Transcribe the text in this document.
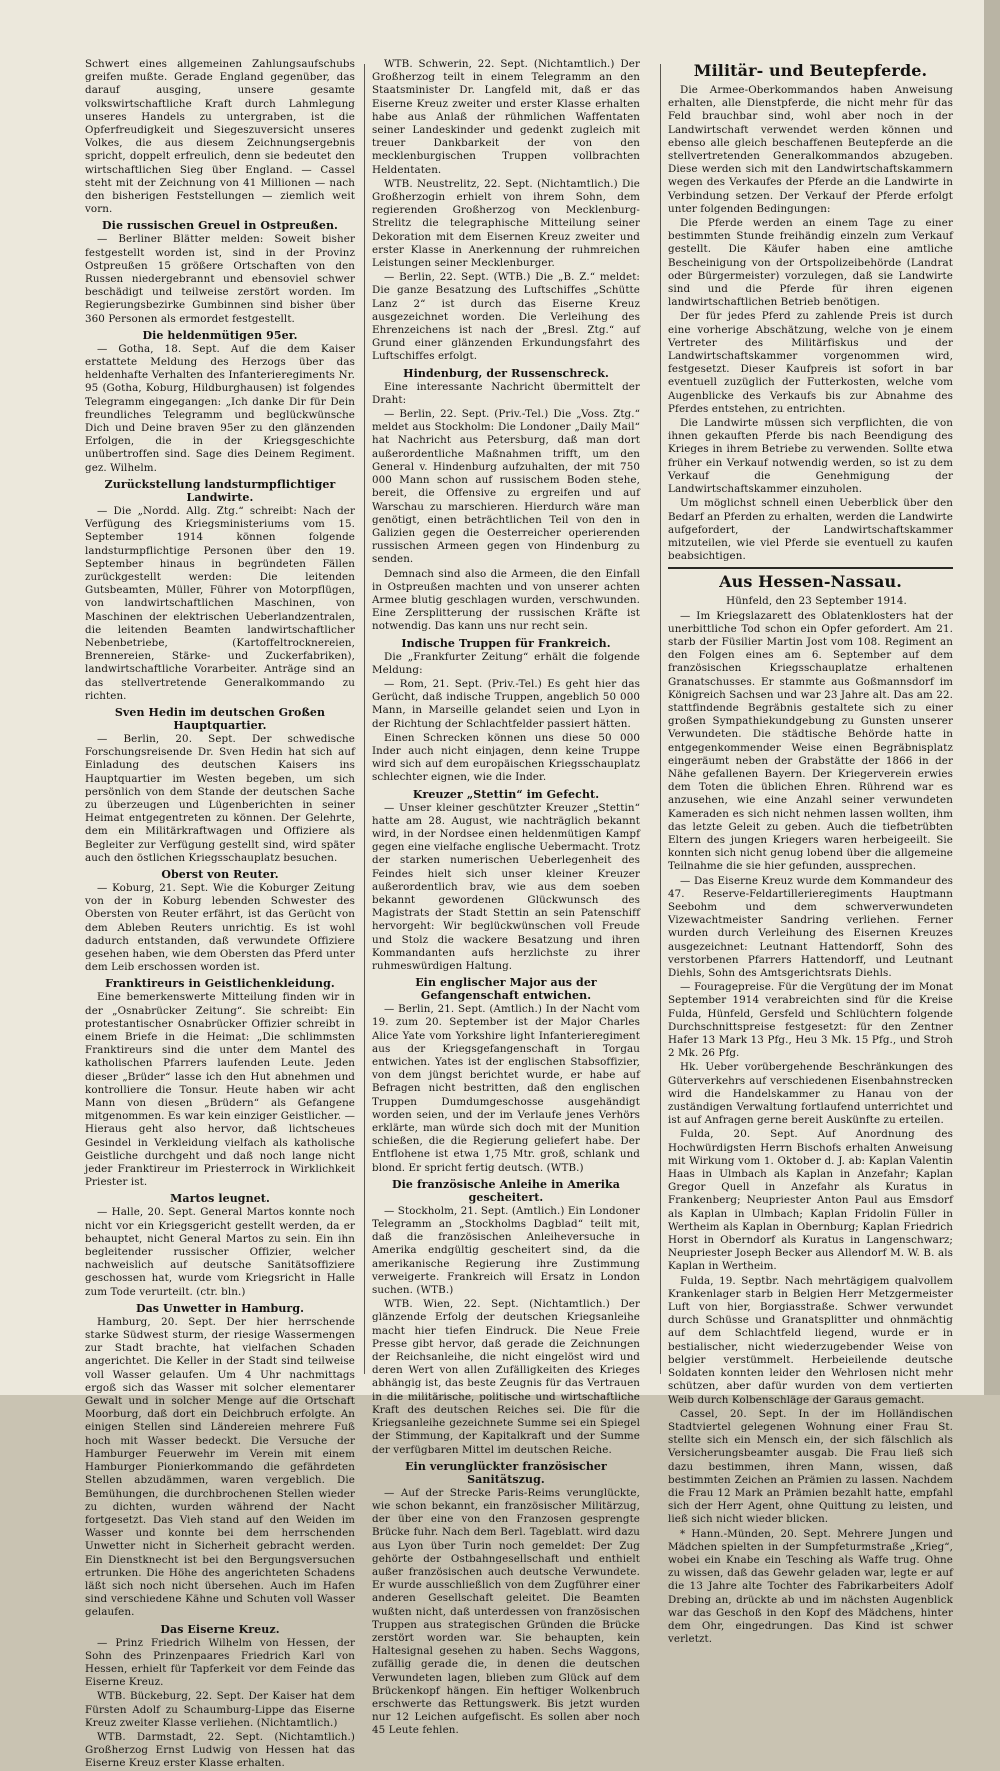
Schwert eines allgemeinen Zahlungsaufschubs greifen mußte. Gerade England gegenüber, das darauf ausging, unsere gesamte volkswirtschaftliche Kraft durch Lahmlegung unseres Handels zu untergraben, ist die Opferfreudigkeit und Siegeszuversicht unseres Volkes, die aus diesem Zeichnungsergebnis spricht, doppelt erfreulich, denn sie bedeutet den wirtschaftlichen Sieg über England. — Cassel steht mit der Zeichnung von 41 Millionen — nach den bisherigen Feststellungen — ziemlich weit vorn.

Die russischen Greuel in Ostpreußen.

— Berliner Blätter melden: Soweit bisher festgestellt worden ist, sind in der Provinz Ostpreußen 15 größere Ortschaften von den Russen niedergebrannt und ebensoviel schwer beschädigt und teilweise zerstört worden. Im Regierungsbezirke Gumbinnen sind bisher über 360 Personen als ermordet festgestellt.

Die heldenmütigen 95er.

— Gotha, 18. Sept. Auf die dem Kaiser erstattete Meldung des Herzogs über das heldenhafte Verhalten des Infanterieregiments Nr. 95 (Gotha, Koburg, Hildburghausen) ist folgendes Telegramm eingegangen: „Ich danke Dir für Dein freundliches Telegramm und beglückwünsche Dich und Deine braven 95er zu den glänzenden Erfolgen, die in der Kriegsgeschichte unübertroffen sind. Sage dies Deinem Regiment. gez. Wilhelm.

Zurückstellung landsturmpflichtiger Landwirte.

— Die „Nordd. Allg. Ztg.“ schreibt: Nach der Verfügung des Kriegsministeriums vom 15. September 1914 können folgende landsturmpflichtige Personen über den 19. September hinaus in begründeten Fällen zurückgestellt werden: Die leitenden Gutsbeamten, Müller, Führer von Motorpflügen, von landwirtschaftlichen Maschinen, von Maschinen der elektrischen Ueberlandzentralen, die leitenden Beamten landwirtschaftlicher Nebenbetriebe, (Kartoffeltrocknereien, Brennereien, Stärke- und Zuckerfabriken), landwirtschaftliche Vorarbeiter. Anträge sind an das stellvertretende Generalkommando zu richten.

Sven Hedin im deutschen Großen Hauptquartier.

— Berlin, 20. Sept. Der schwedische Forschungsreisende Dr. Sven Hedin hat sich auf Einladung des deutschen Kaisers ins Hauptquartier im Westen begeben, um sich persönlich von dem Stande der deutschen Sache zu überzeugen und Lügenberichten in seiner Heimat entgegentreten zu können. Der Gelehrte, dem ein Militärkraftwagen und Offiziere als Begleiter zur Verfügung gestellt sind, wird später auch den östlichen Kriegsschauplatz besuchen.

Oberst von Reuter.

— Koburg, 21. Sept. Wie die Koburger Zeitung von der in Koburg lebenden Schwester des Obersten von Reuter erfährt, ist das Gerücht von dem Ableben Reuters unrichtig. Es ist wohl dadurch entstanden, daß verwundete Offiziere gesehen haben, wie dem Obersten das Pferd unter dem Leib erschossen worden ist.

Franktireurs in Geistlichenkleidung.

Eine bemerkenswerte Mitteilung finden wir in der „Osnabrücker Zeitung“. Sie schreibt: Ein protestantischer Osnabrücker Offizier schreibt in einem Briefe in die Heimat: „Die schlimmsten Franktireurs sind die unter dem Mantel des katholischen Pfarrers laufenden Leute. Jeden dieser „Brüder“ lasse ich den Hut abnehmen und kontrolliere die Tonsur. Heute haben wir acht Mann von diesen „Brüdern“ als Gefangene mitgenommen. Es war kein einziger Geistlicher. — Hieraus geht also hervor, daß lichtscheues Gesindel in Verkleidung vielfach als katholische Geistliche durchgeht und daß noch lange nicht jeder Franktireur im Priesterrock in Wirklichkeit Priester ist.

Martos leugnet.

— Halle, 20. Sept. General Martos konnte noch nicht vor ein Kriegsgericht gestellt werden, da er behauptet, nicht General Martos zu sein. Ein ihn begleitender russischer Offizier, welcher nachweislich auf deutsche Sanitätsoffiziere geschossen hat, wurde vom Kriegsricht in Halle zum Tode verurteilt. (ctr. bln.)

Das Unwetter in Hamburg.

Hamburg, 20. Sept. Der hier herrschende starke Südwest sturm, der riesige Wassermengen zur Stadt brachte, hat vielfachen Schaden angerichtet. Die Keller in der Stadt sind teilweise voll Wasser gelaufen. Um 4 Uhr nachmittags ergoß sich das Wasser mit solcher elementarer Gewalt und in solcher Menge auf die Ortschaft Moorburg, daß dort ein Deichbruch erfolgte. An einigen Stellen sind Ländereien mehrere Fuß hoch mit Wasser bedeckt. Die Versuche der Hamburger Feuerwehr im Verein mit einem Hamburger Pionierkommando die gefährdeten Stellen abzudämmen, waren vergeblich. Die Bemühungen, die durchbrochenen Stellen wieder zu dichten, wurden während der Nacht fortgesetzt. Das Vieh stand auf den Weiden im Wasser und konnte bei dem herrschenden Unwetter nicht in Sicherheit gebracht werden. Ein Dienstknecht ist bei den Bergungsversuchen ertrunken. Die Höhe des angerichteten Schadens läßt sich noch nicht übersehen. Auch im Hafen sind verschiedene Kähne und Schuten voll Wasser gelaufen.

Das Eiserne Kreuz.

— Prinz Friedrich Wilhelm von Hessen, der Sohn des Prinzenpaares Friedrich Karl von Hessen, erhielt für Tapferkeit vor dem Feinde das Eiserne Kreuz.

WTB. Bückeburg, 22. Sept. Der Kaiser hat dem Fürsten Adolf zu Schaumburg-Lippe das Eiserne Kreuz zweiter Klasse verliehen. (Nichtamtlich.)

WTB. Darmstadt, 22. Sept. (Nichtamtlich.) Großherzog Ernst Ludwig von Hessen hat das Eiserne Kreuz erster Klasse erhalten.

WTB. Schwerin, 22. Sept. (Nichtamtlich.) Der Großherzog teilt in einem Telegramm an den Staatsminister Dr. Langfeld mit, daß er das Eiserne Kreuz zweiter und erster Klasse erhalten habe aus Anlaß der rühmlichen Waffentaten seiner Landeskinder und gedenkt zugleich mit treuer Dankbarkeit der von den mecklenburgischen Truppen vollbrachten Heldentaten.

WTB. Neustrelitz, 22. Sept. (Nichtamtlich.) Die Großherzogin erhielt von ihrem Sohn, dem regierenden Großherzog von Mecklenburg-Strelitz die telegraphische Mitteilung seiner Dekoration mit dem Eisernen Kreuz zweiter und erster Klasse in Anerkennung der ruhmreichen Leistungen seiner Mecklenburger.

— Berlin, 22. Sept. (WTB.) Die „B. Z.“ meldet: Die ganze Besatzung des Luftschiffes „Schütte Lanz 2“ ist durch das Eiserne Kreuz ausgezeichnet worden. Die Verleihung des Ehrenzeichens ist nach der „Bresl. Ztg.“ auf Grund einer glänzenden Erkundungsfahrt des Luftschiffes erfolgt.

Hindenburg, der Russenschreck.

Eine interessante Nachricht übermittelt der Draht:

— Berlin, 22. Sept. (Priv.-Tel.) Die „Voss. Ztg.“ meldet aus Stockholm: Die Londoner „Daily Mail“ hat Nachricht aus Petersburg, daß man dort außerordentliche Maßnahmen trifft, um den General v. Hindenburg aufzuhalten, der mit 750 000 Mann schon auf russischem Boden stehe, bereit, die Offensive zu ergreifen und auf Warschau zu marschieren. Hierdurch wäre man genötigt, einen beträchtlichen Teil von den in Galizien gegen die Oesterreicher operierenden russischen Armeen gegen von Hindenburg zu senden.

Demnach sind also die Armeen, die den Einfall in Ostpreußen machten und von unserer achten Armee blutig geschlagen wurden, verschwunden. Eine Zersplitterung der russischen Kräfte ist notwendig. Das kann uns nur recht sein.

Indische Truppen für Frankreich.

Die „Frankfurter Zeitung“ erhält die folgende Meldung:

— Rom, 21. Sept. (Priv.-Tel.) Es geht hier das Gerücht, daß indische Truppen, angeblich 50 000 Mann, in Marseille gelandet seien und Lyon in der Richtung der Schlachtfelder passiert hätten.

Einen Schrecken können uns diese 50 000 Inder auch nicht einjagen, denn keine Truppe wird sich auf dem europäischen Kriegsschauplatz schlechter eignen, wie die Inder.

Kreuzer „Stettin“ im Gefecht.

— Unser kleiner geschützter Kreuzer „Stettin“ hatte am 28. August, wie nachträglich bekannt wird, in der Nordsee einen heldenmütigen Kampf gegen eine vielfache englische Uebermacht. Trotz der starken numerischen Ueberlegenheit des Feindes hielt sich unser kleiner Kreuzer außerordentlich brav, wie aus dem soeben bekannt gewordenen Glückwunsch des Magistrats der Stadt Stettin an sein Patenschiff hervorgeht: Wir beglückwünschen voll Freude und Stolz die wackere Besatzung und ihren Kommandanten aufs herzlichste zu ihrer ruhmeswürdigen Haltung.

Ein englischer Major aus der Gefangenschaft entwichen.

— Berlin, 21. Sept. (Amtlich.) In der Nacht vom 19. zum 20. September ist der Major Charles Alice Yate vom Yorkshire light Infanterieregiment aus der Kriegsgefangenschaft in Torgau entwichen. Yates ist der englischen Stabsoffizier, von dem jüngst berichtet wurde, er habe auf Befragen nicht bestritten, daß den englischen Truppen Dumdumgeschosse ausgehändigt worden seien, und der im Verlaufe jenes Verhörs erklärte, man würde sich doch mit der Munition schießen, die die Regierung geliefert habe. Der Entflohene ist etwa 1,75 Mtr. groß, schlank und blond. Er spricht fertig deutsch. (WTB.)

Die französische Anleihe in Amerika gescheitert.

— Stockholm, 21. Sept. (Amtlich.) Ein Londoner Telegramm an „Stockholms Dagblad“ teilt mit, daß die französischen Anleiheversuche in Amerika endgültig gescheitert sind, da die amerikanische Regierung ihre Zustimmung verweigerte. Frankreich will Ersatz in London suchen. (WTB.)

WTB. Wien, 22. Sept. (Nichtamtlich.) Der glänzende Erfolg der deutschen Kriegsanleihe macht hier tiefen Eindruck. Die Neue Freie Presse gibt hervor, daß gerade die Zeichnungen der Reichsanleihe, die nicht eingelöst wird und deren Wert von allen Zufälligkeiten des Krieges abhängig ist, das beste Zeugnis für das Vertrauen in die militärische, politische und wirtschaftliche Kraft des deutschen Reiches sei. Die für die Kriegsanleihe gezeichnete Summe sei ein Spiegel der Stimmung, der Kapitalkraft und der Summe der verfügbaren Mittel im deutschen Reiche.

Ein verunglückter französischer Sanitätszug.

— Auf der Strecke Paris-Reims verunglückte, wie schon bekannt, ein französischer Militärzug, der über eine von den Franzosen gesprengte Brücke fuhr. Nach dem Berl. Tageblatt. wird dazu aus Lyon über Turin noch gemeldet: Der Zug gehörte der Ostbahngesellschaft und enthielt außer französischen auch deutsche Verwundete. Er wurde ausschließlich von dem Zugführer einer anderen Gesellschaft geleitet. Die Beamten wußten nicht, daß unterdessen von französischen Truppen aus strategischen Gründen die Brücke zerstört worden war. Sie behaupten, kein Haltesignal gesehen zu haben. Sechs Waggons, zufällig gerade die, in denen die deutschen Verwundeten lagen, blieben zum Glück auf dem Brückenkopf hängen. Ein heftiger Wolkenbruch erschwerte das Rettungswerk. Bis jetzt wurden nur 12 Leichen aufgefischt. Es sollen aber noch 45 Leute fehlen.

Militär- und Beutepferde.

Die Armee-Oberkommandos haben Anweisung erhalten, alle Dienstpferde, die nicht mehr für das Feld brauchbar sind, wohl aber noch in der Landwirtschaft verwendet werden können und ebenso alle gleich beschaffenen Beutepferde an die stellvertretenden Generalkommandos abzugeben. Diese werden sich mit den Landwirtschaftskammern wegen des Verkaufes der Pferde an die Landwirte in Verbindung setzen. Der Verkauf der Pferde erfolgt unter folgenden Bedingungen:

Die Pferde werden an einem Tage zu einer bestimmten Stunde freihändig einzeln zum Verkauf gestellt. Die Käufer haben eine amtliche Bescheinigung von der Ortspolizeibehörde (Landrat oder Bürgermeister) vorzulegen, daß sie Landwirte sind und die Pferde für ihren eigenen landwirtschaftlichen Betrieb benötigen.

Der für jedes Pferd zu zahlende Preis ist durch eine vorherige Abschätzung, welche von je einem Vertreter des Militärfiskus und der Landwirtschaftskammer vorgenommen wird, festgesetzt. Dieser Kaufpreis ist sofort in bar eventuell zuzüglich der Futterkosten, welche vom Augenblicke des Verkaufs bis zur Abnahme des Pferdes entstehen, zu entrichten.

Die Landwirte müssen sich verpflichten, die von ihnen gekauften Pferde bis nach Beendigung des Krieges in ihrem Betriebe zu verwenden. Sollte etwa früher ein Verkauf notwendig werden, so ist zu dem Verkauf die Genehmigung der Landwirtschaftskammer einzuholen.

Um möglichst schnell einen Ueberblick über den Bedarf an Pferden zu erhalten, werden die Landwirte aufgefordert, der Landwirtschaftskammer mitzuteilen, wie viel Pferde sie eventuell zu kaufen beabsichtigen.

Aus Hessen-Nassau.

Hünfeld, den 23 September 1914.

— Im Kriegslazarett des Oblatenklosters hat der unerbittliche Tod schon ein Opfer gefordert. Am 21. starb der Füsilier Martin Jost vom 108. Regiment an den Folgen eines am 6. September auf dem französischen Kriegsschauplatze erhaltenen Granatschusses. Er stammte aus Goßmannsdorf im Königreich Sachsen und war 23 Jahre alt. Das am 22. stattfindende Begräbnis gestaltete sich zu einer großen Sympathiekundgebung zu Gunsten unserer Verwundeten. Die städtische Behörde hatte in entgegenkommender Weise einen Begräbnisplatz eingeräumt neben der Grabstätte der 1866 in der Nähe gefallenen Bayern. Der Kriegerverein erwies dem Toten die üblichen Ehren. Rührend war es anzusehen, wie eine Anzahl seiner verwundeten Kameraden es sich nicht nehmen lassen wollten, ihm das letzte Geleit zu geben. Auch die tiefbetrübten Eltern des jungen Kriegers waren herbeigeeilt. Sie konnten sich nicht genug lobend über die allgemeine Teilnahme die sie hier gefunden, aussprechen.

— Das Eiserne Kreuz wurde dem Kommandeur des 47. Reserve-Feldartillerieregiments Hauptmann Seebohm und dem schwerverwundeten Vizewachtmeister Sandring verliehen. Ferner wurden durch Verleihung des Eisernen Kreuzes ausgezeichnet: Leutnant Hattendorff, Sohn des verstorbenen Pfarrers Hattendorff, und Leutnant Diehls, Sohn des Amtsgerichtsrats Diehls.

— Fouragepreise. Für die Vergütung der im Monat September 1914 verabreichten sind für die Kreise Fulda, Hünfeld, Gersfeld und Schlüchtern folgende Durchschnittspreise festgesetzt: für den Zentner Hafer 13 Mark 13 Pfg., Heu 3 Mk. 15 Pfg., und Stroh 2 Mk. 26 Pfg.

Hk. Ueber vorübergehende Beschränkungen des Güterverkehrs auf verschiedenen Eisenbahnstrecken wird die Handelskammer zu Hanau von der zuständigen Verwaltung fortlaufend unterrichtet und ist auf Anfragen gerne bereit Auskünfte zu erteilen.

Fulda, 20. Sept. Auf Anordnung des Hochwürdigsten Herrn Bischofs erhalten Anweisung mit Wirkung vom 1. Oktober d. J. ab: Kaplan Valentin Haas in Ulmbach als Kaplan in Anzefahr; Kaplan Gregor Quell in Anzefahr als Kuratus in Frankenberg; Neupriester Anton Paul aus Emsdorf als Kaplan in Ulmbach; Kaplan Fridolin Füller in Wertheim als Kaplan in Obernburg; Kaplan Friedrich Horst in Oberndorf als Kuratus in Langenschwarz; Neupriester Joseph Becker aus Allendorf M. W. B. als Kaplan in Wertheim.

Fulda, 19. Septbr. Nach mehrtägigem qualvollem Krankenlager starb in Belgien Herr Metzgermeister Luft von hier, Borgiasstraße. Schwer verwundet durch Schüsse und Granatsplitter und ohnmächtig auf dem Schlachtfeld liegend, wurde er in bestialischer, nicht wiederzugebender Weise von belgier verstümmelt. Herbeieilende deutsche Soldaten konnten leider den Wehrlosen nicht mehr schützen, aber dafür wurden von dem vertierten Weib durch Kolbenschläge der Garaus gemacht.

Cassel, 20. Sept. In der im Holländischen Stadtviertel gelegenen Wohnung einer Frau St. stellte sich ein Mensch ein, der sich fälschlich als Versicherungsbeamter ausgab. Die Frau ließ sich dazu bestimmen, ihren Mann, wissen, daß bestimmten Zeichen an Prämien zu lassen. Nachdem die Frau 12 Mark an Prämien bezahlt hatte, empfahl sich der Herr Agent, ohne Quittung zu leisten, und ließ sich nicht wieder blicken.

* Hann.-Münden, 20. Sept. Mehrere Jungen und Mädchen spielten in der Sumpfeturmstraße „Krieg“, wobei ein Knabe ein Tesching als Waffe trug. Ohne zu wissen, daß das Gewehr geladen war, legte er auf die 13 Jahre alte Tochter des Fabrikarbeiters Adolf Drebing an, drückte ab und im nächsten Augenblick war das Geschoß in den Kopf des Mädchens, hinter dem Ohr, eingedrungen. Das Kind ist schwer verletzt.
